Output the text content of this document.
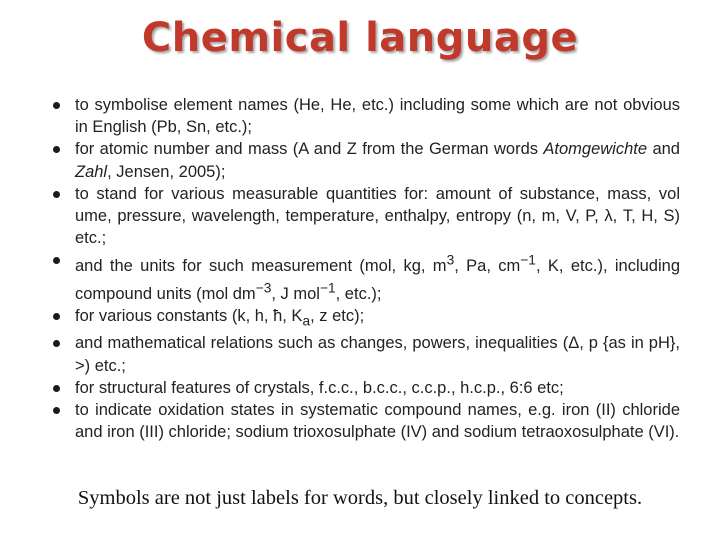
Chemical language
to symbolise element names (He, He, etc.) including some which are not obvious in English (Pb, Sn, etc.);
for atomic number and mass (A and Z from the German words Atomgewichte and Zahl, Jensen, 2005);
to stand for various measurable quantities for: amount of substance, mass, vol ume, pressure, wavelength, temperature, enthalpy, entropy (n, m, V, P, λ, T, H, S) etc.;
and the units for such measurement (mol, kg, $m^3$, Pa, $cm^{-1}$, K, etc.), including compound units (mol $dm^{-3}$, J mol$^{-1}$, etc.);
for various constants (k, h, ħ, $K_a$, z etc);
and mathematical relations such as changes, powers, inequalities (Δ, p {as in pH}, >) etc.;
for structural features of crystals, f.c.c., b.c.c., c.c.p., h.c.p., 6:6 etc;
to indicate oxidation states in systematic compound names, e.g. iron (II) chloride and iron (III) chloride; sodium trioxosulphate (IV) and sodium tetraoxosulphate (VI).

Symbols are not just labels for words, but closely linked to concepts.
